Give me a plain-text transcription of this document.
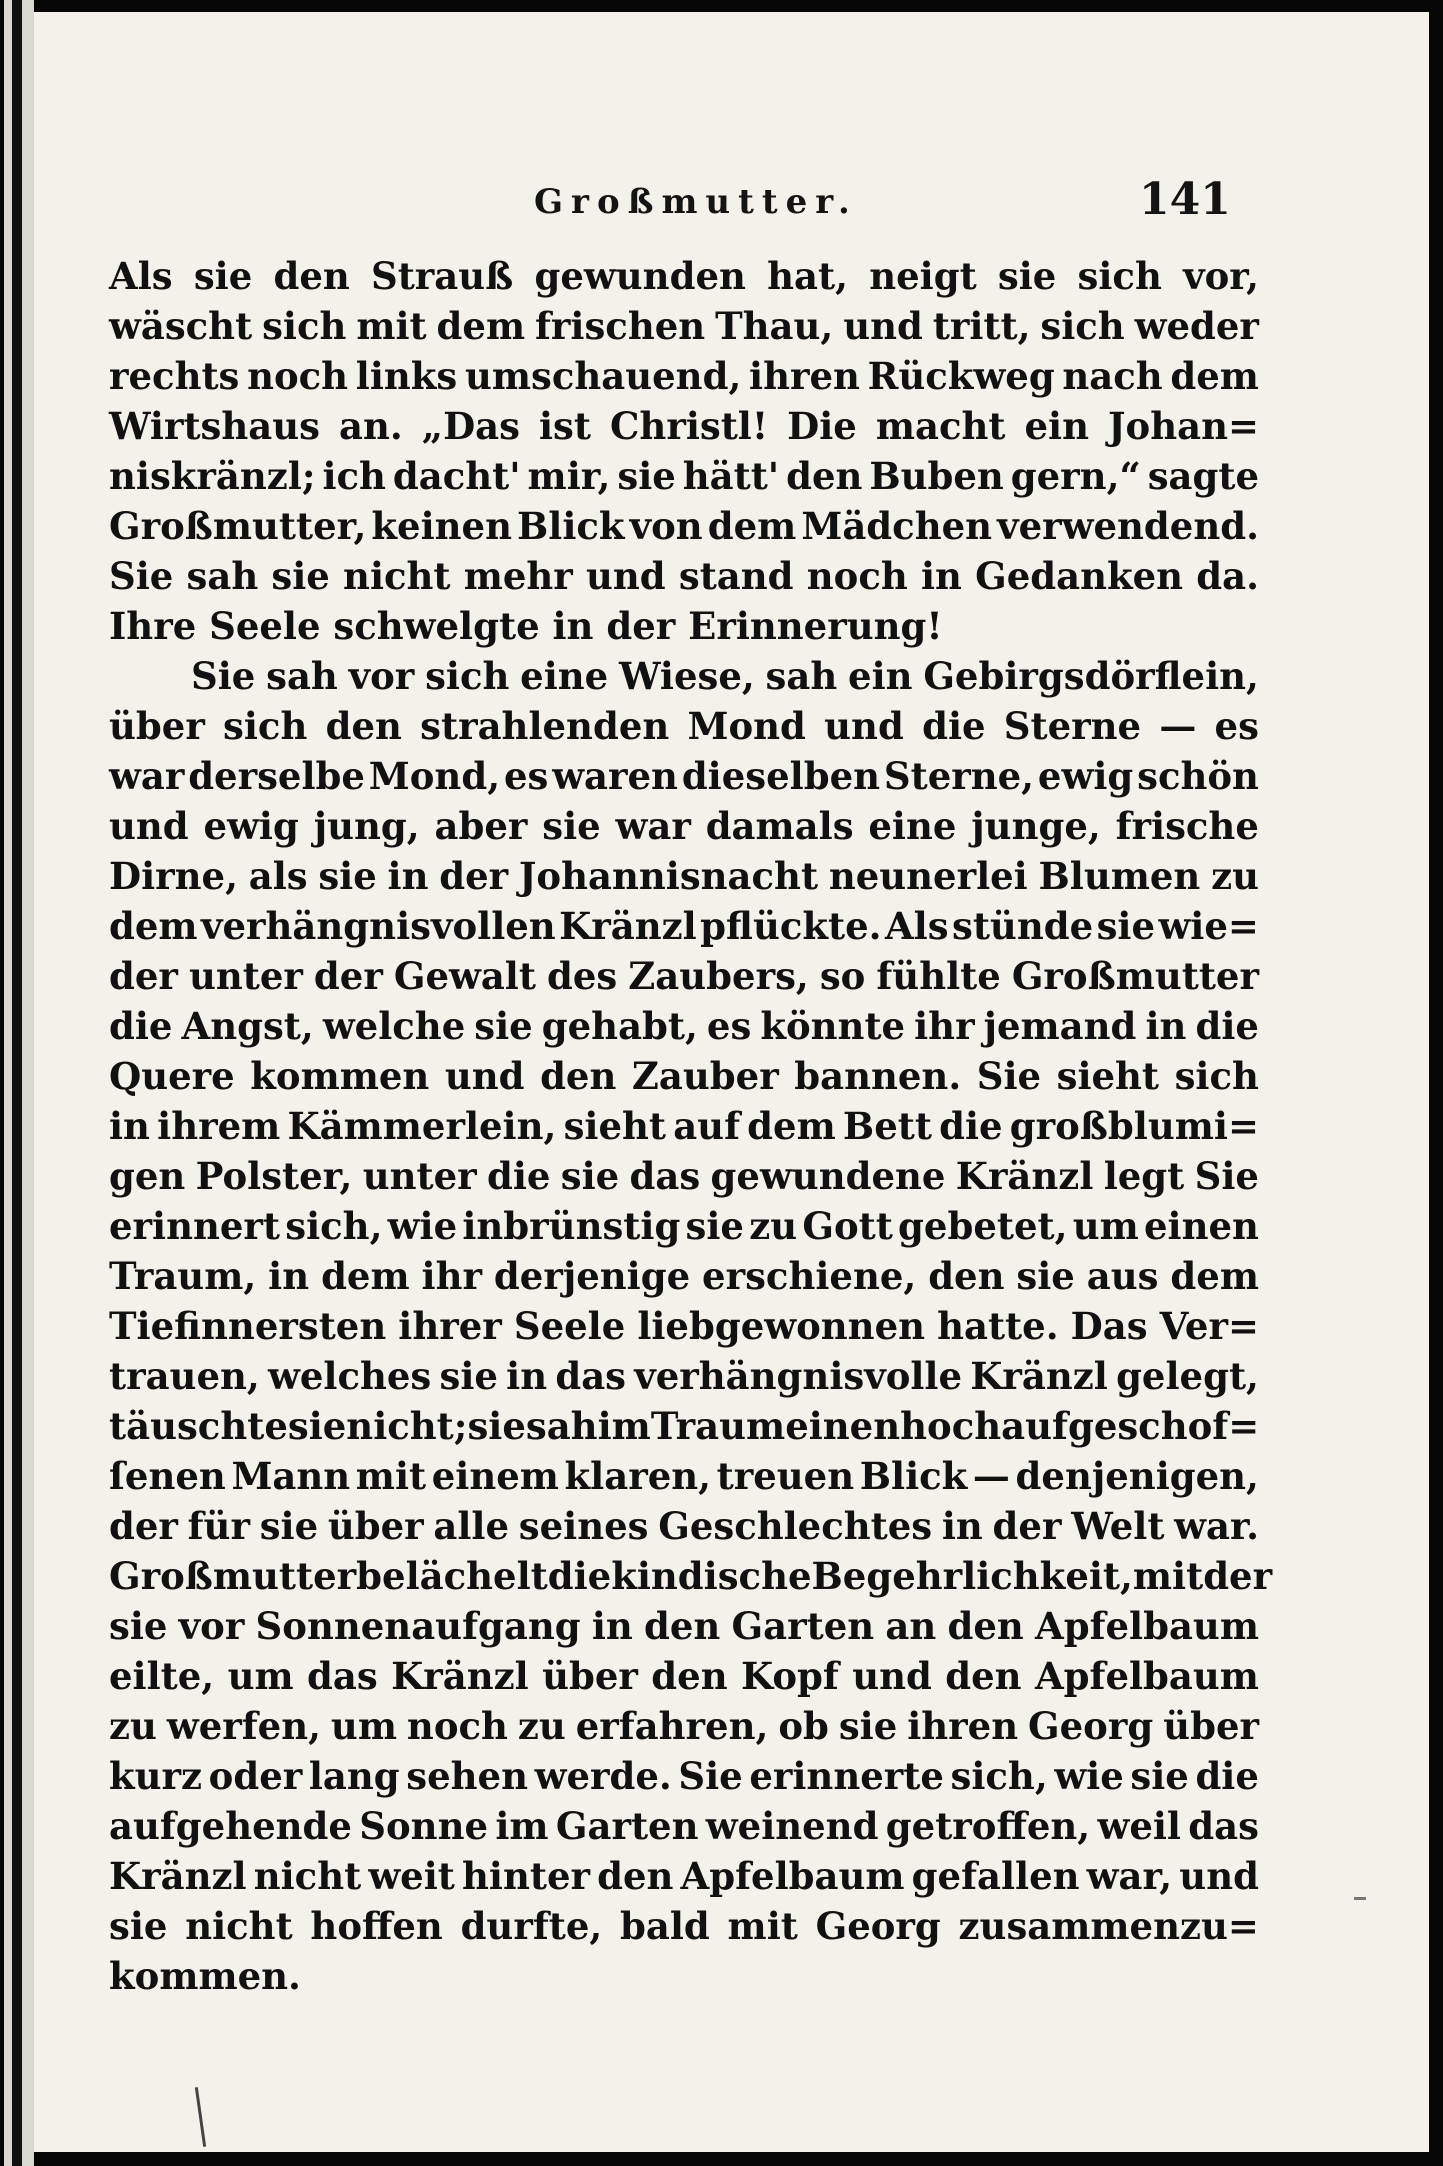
Großmutter.	141
Als sie den Strauß gewunden hat, neigt sie sich vor,
wäscht sich mit dem frischen Thau, und tritt, sich weder
rechts noch links umschauend, ihren Rückweg nach dem
Wirtshaus an. „Das ist Christl! Die macht ein Johan=
niskränzl; ich dacht' mir, sie hätt' den Buben gern,“ sagte
Großmutter, keinen Blick von dem Mädchen verwendend.
Sie sah sie nicht mehr und stand noch in Gedanken da.
Ihre Seele schwelgte in der Erinnerung!
Sie sah vor sich eine Wiese, sah ein Gebirgsdörflein,
über sich den strahlenden Mond und die Sterne — es
war derselbe Mond, es waren dieselben Sterne, ewig schön
und ewig jung, aber sie war damals eine junge, frische
Dirne, als sie in der Johannisnacht neunerlei Blumen zu
dem verhängnisvollen Kränzl pflückte. Als stünde sie wie=
der unter der Gewalt des Zaubers, so fühlte Großmutter
die Angst, welche sie gehabt, es könnte ihr jemand in die
Quere kommen und den Zauber bannen. Sie sieht sich
in ihrem Kämmerlein, sieht auf dem Bett die großblumi=
gen Polster, unter die sie das gewundene Kränzl legt Sie
erinnert sich, wie inbrünstig sie zu Gott gebetet, um einen
Traum, in dem ihr derjenige erschiene, den sie aus dem
Tiefinnersten ihrer Seele liebgewonnen hatte. Das Ver=
trauen, welches sie in das verhängnisvolle Kränzl gelegt,
täuschte sie nicht; sie sah im Traum einen hochaufgeschof=
ſenen Mann mit einem klaren, treuen Blick — denjenigen,
der für sie über alle seines Geschlechtes in der Welt war.
Großmutter belächelt die kindische Begehrlichkeit, mit der
sie vor Sonnenaufgang in den Garten an den Apfelbaum
eilte, um das Kränzl über den Kopf und den Apfelbaum
zu werfen, um noch zu erfahren, ob sie ihren Georg über
kurz oder lang sehen werde. Sie erinnerte sich, wie sie die
aufgehende Sonne im Garten weinend getroffen, weil das
Kränzl nicht weit hinter den Apfelbaum gefallen war, und
sie nicht hoffen durfte, bald mit Georg zusammenzu=
kommen.
